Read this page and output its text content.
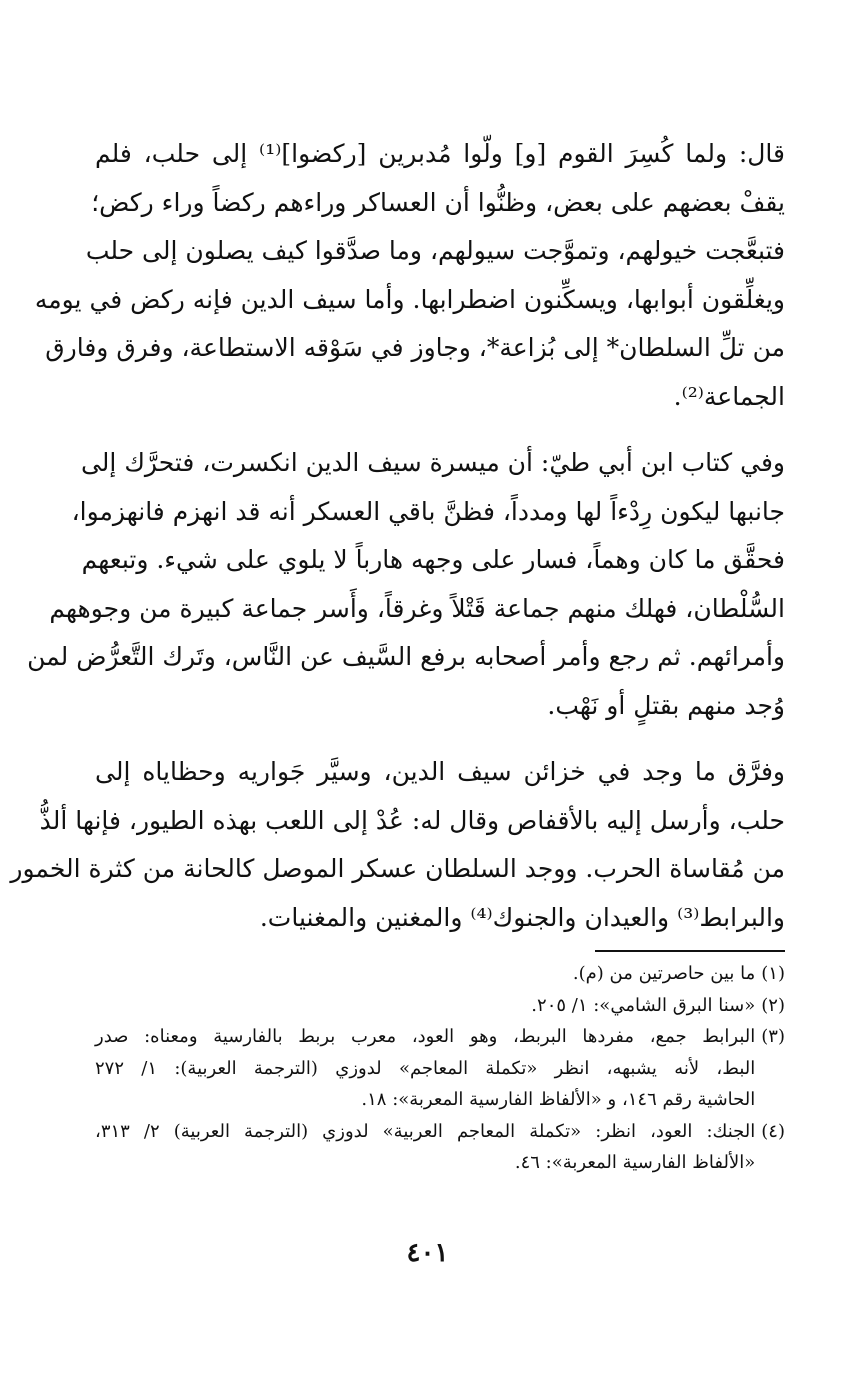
قال: ولما كُسِرَ القوم [و] ولّوا مُدبرين [ركضوا]⁽¹⁾ إلى حلب، فلم
يقفْ بعضهم على بعض، وظنُّوا أن العساكر وراءهم ركضاً وراء ركض؛
فتبعَّجت خيولهم، وتموَّجت سيولهم، وما صدَّقوا كيف يصلون إلى حلب
ويغلِّقون أبوابها، ويسكِّنون اضطرابها. وأما سيف الدين فإنه ركض في يومه
من تلِّ السلطان* إلى بُزاعة*، وجاوز في سَوْقه الاستطاعة، وفرق وفارق
الجماعة⁽²⁾.

وفي كتاب ابن أبي طيّ: أن ميسرة سيف الدين انكسرت، فتحرَّك إلى
جانبها ليكون رِدْءاً لها ومدداً، فظنَّ باقي العسكر أنه قد انهزم فانهزموا،
فحقَّق ما كان وهماً، فسار على وجهه هارباً لا يلوي على شيء. وتبعهم
السُّلْطان، فهلك منهم جماعة قَتْلاً وغرقاً، وأَسر جماعة كبيرة من وجوههم
وأمرائهم. ثم رجع وأمر أصحابه برفع السَّيف عن النَّاس، وتَرك التَّعرُّض لمن
وُجد منهم بقتلٍ أو نَهْب.

وفرَّق ما وجد في خزائن سيف الدين، وسيَّر جَواريه وحظاياه إلى
حلب، وأرسل إليه بالأقفاص وقال له: عُدْ إلى اللعب بهذه الطيور، فإنها ألذُّ
من مُقاساة الحرب. ووجد السلطان عسكر الموصل كالحانة من كثرة الخمور
والبرابط⁽³⁾ والعيدان والجنوك⁽⁴⁾ والمغنين والمغنيات.

(١)
ما بين حاصرتين من (م).
(٢)
«سنا البرق الشامي»: ١/ ٢٠٥.
(٣)
البرابط جمع، مفردها البربط، وهو العود، معرب بربط بالفارسية ومعناه: صدر
البط، لأنه يشبهه، انظر «تكملة المعاجم» لدوزي (الترجمة العربية): ١/ ٢٧٢
الحاشية رقم ١٤٦، و «الألفاظ الفارسية المعربة»: ١٨.
(٤)
الجنك: العود، انظر: «تكملة المعاجم العربية» لدوزي (الترجمة العربية) ٢/ ٣١٣،
«الألفاظ الفارسية المعربة»: ٤٦.
٤٠١
